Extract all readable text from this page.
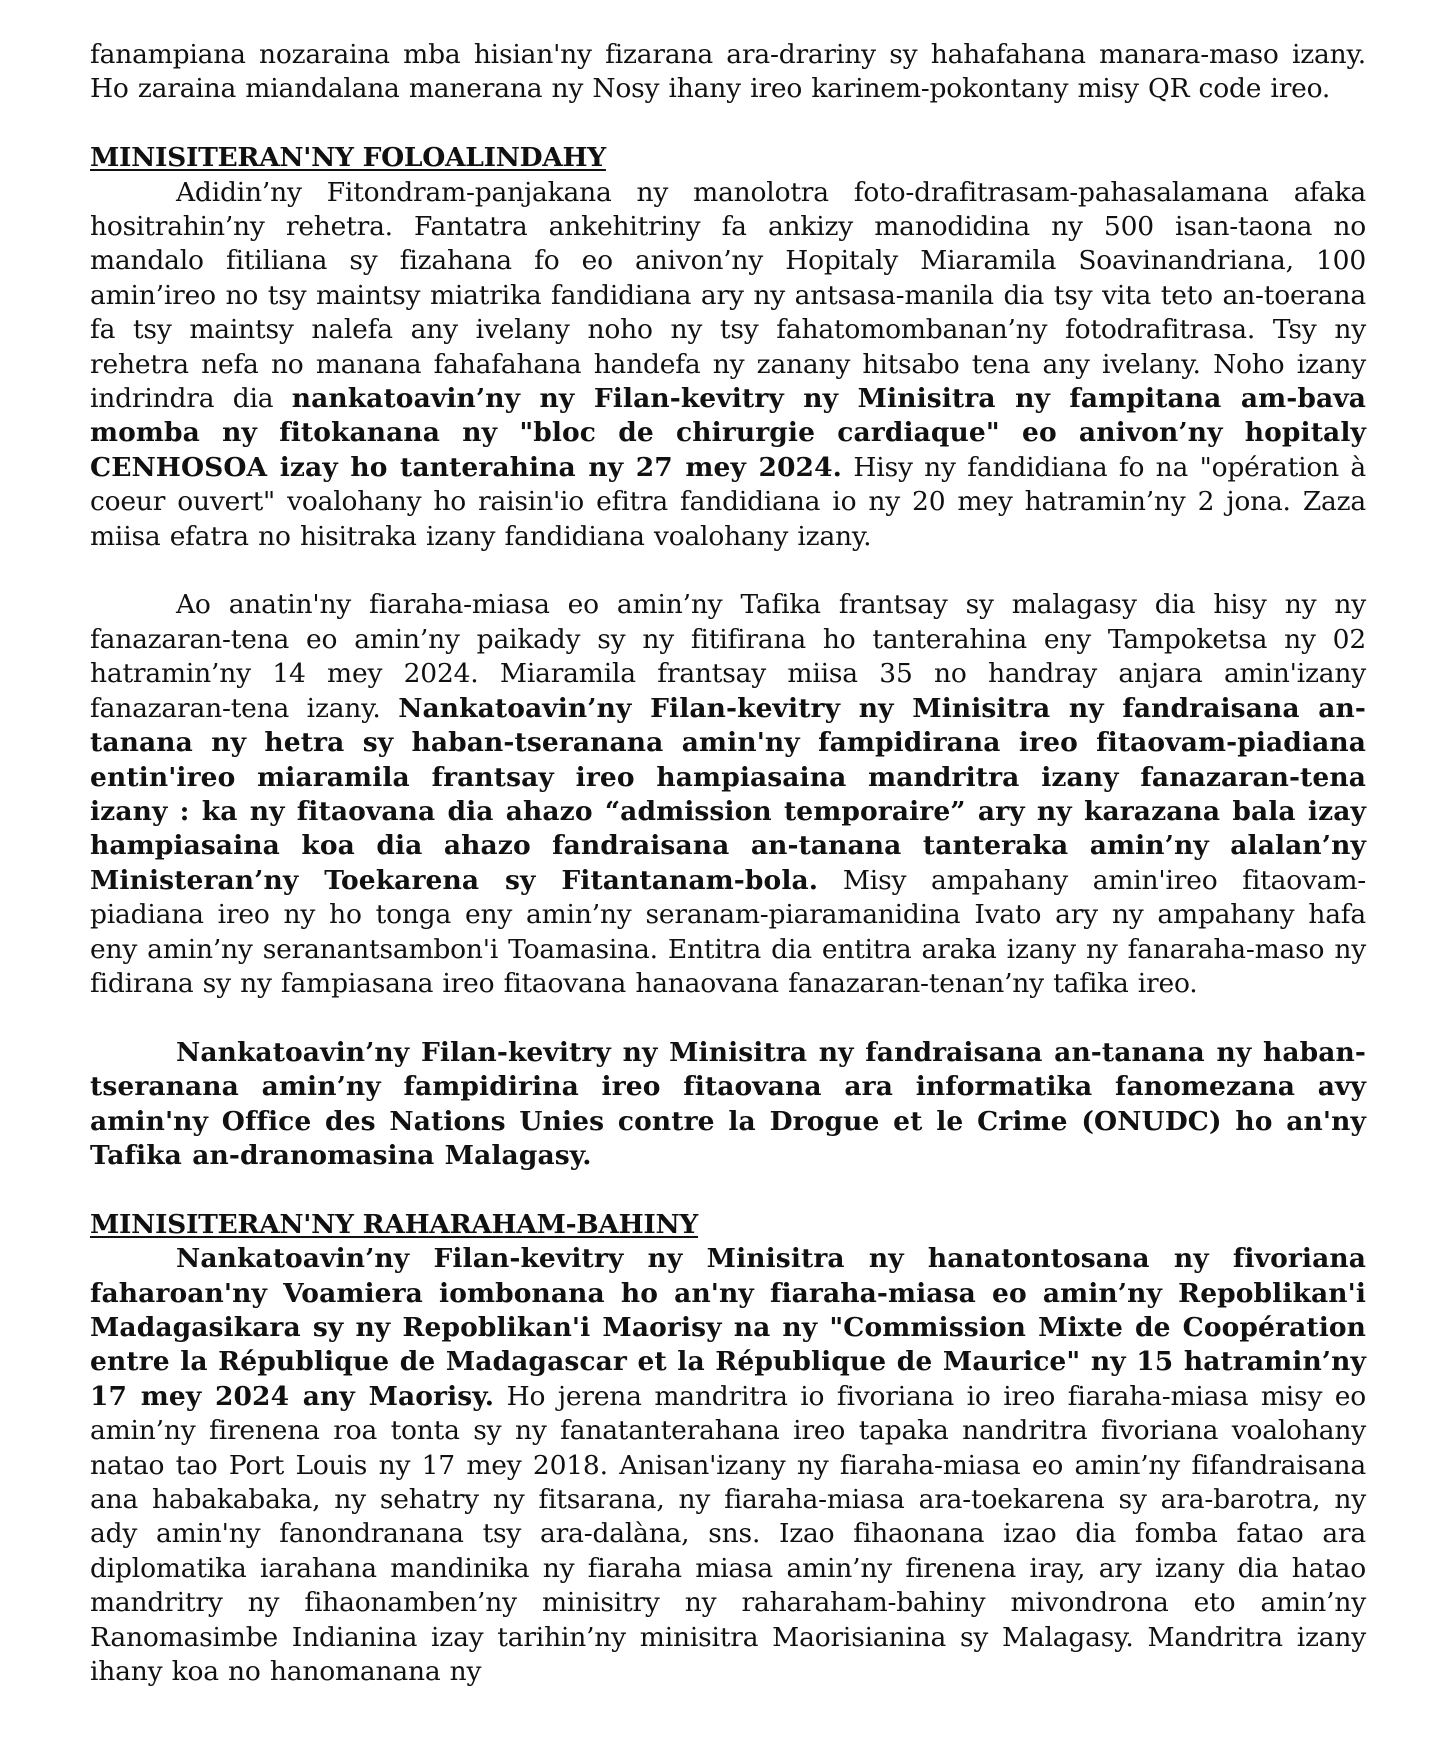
fanampiana nozaraina mba hisian'ny fizarana ara-drariny sy hahafahana manara-maso izany. Ho zaraina miandalana manerana ny Nosy ihany ireo karinem-pokontany misy QR code ireo.

MINISITERAN'NY FOLOALINDAHY

Adidin’ny Fitondram-panjakana ny manolotra foto-drafitrasam-pahasalamana afaka hositrahin’ny rehetra. Fantatra ankehitriny fa ankizy manodidina ny 500 isan-taona no mandalo fitiliana sy fizahana fo eo anivon’ny Hopitaly Miaramila Soavinandriana, 100 amin’ireo no tsy maintsy miatrika fandidiana ary ny antsasa-manila dia tsy vita teto an-toerana fa tsy maintsy nalefa any ivelany noho ny tsy fahatomombanan’ny fotodrafitrasa. Tsy ny rehetra nefa no manana fahafahana handefa ny zanany hitsabo tena any ivelany. Noho izany indrindra dia nankatoavin’ny ny Filan-kevitry ny Minisitra ny fampitana am-bava momba ny fitokanana ny "bloc de chirurgie cardiaque" eo anivon’ny hopitaly CENHOSOA izay ho tanterahina ny 27 mey 2024. Hisy ny fandidiana fo na "opération à coeur ouvert" voalohany ho raisin'io efitra fandidiana io ny 20 mey hatramin’ny 2 jona. Zaza miisa efatra no hisitraka izany fandidiana voalohany izany.

Ao anatin'ny fiaraha-miasa eo amin’ny Tafika frantsay sy malagasy dia hisy ny ny fanazaran-tena eo amin’ny paikady sy ny fitifirana ho tanterahina eny Tampoketsa ny 02 hatramin’ny 14 mey 2024. Miaramila frantsay miisa 35 no handray anjara amin'izany fanazaran-tena izany. Nankatoavin’ny Filan-kevitry ny Minisitra ny fandraisana an-tanana ny hetra sy haban-tseranana amin'ny fampidirana ireo fitaovam-piadiana entin'ireo miaramila frantsay ireo hampiasaina mandritra izany fanazaran-tena izany : ka ny fitaovana dia ahazo “admission temporaire” ary ny karazana bala izay hampiasaina koa dia ahazo fandraisana an-tanana tanteraka amin’ny alalan’ny Ministeran’ny Toekarena sy Fitantanam-bola. Misy ampahany amin'ireo fitaovam-piadiana ireo ny ho tonga eny amin’ny seranam-piaramanidina Ivato ary ny ampahany hafa eny amin’ny seranantsambon'i Toamasina. Entitra dia entitra araka izany ny fanaraha-maso ny fidirana sy ny fampiasana ireo fitaovana hanaovana fanazaran-tenan’ny tafika ireo.

Nankatoavin’ny Filan-kevitry ny Minisitra ny fandraisana an-tanana ny haban-tseranana amin’ny fampidirina ireo fitaovana ara informatika fanomezana avy amin'ny Office des Nations Unies contre la Drogue et le Crime (ONUDC) ho an'ny Tafika an-dranomasina Malagasy.

MINISITERAN'NY RAHARAHAM-BAHINY

Nankatoavin’ny Filan-kevitry ny Minisitra ny hanatontosana ny fivoriana faharoan'ny Voamiera iombonana ho an'ny fiaraha-miasa eo amin’ny Repoblikan'i Madagasikara sy ny Repoblikan'i Maorisy na ny "Commission Mixte de Coopération entre la République de Madagascar et la République de Maurice" ny 15 hatramin’ny 17 mey 2024 any Maorisy. Ho jerena mandritra io fivoriana io ireo fiaraha-miasa misy eo amin’ny firenena roa tonta sy ny fanatanterahana ireo tapaka nandritra fivoriana voalohany natao tao Port Louis ny 17 mey 2018. Anisan'izany ny fiaraha-miasa eo amin’ny fifandraisana ana habakabaka, ny sehatry ny fitsarana, ny fiaraha-miasa ara-toekarena sy ara-barotra, ny ady amin'ny fanondranana tsy ara-dalàna, sns. Izao fihaonana izao dia fomba fatao ara diplomatika iarahana mandinika ny fiaraha miasa amin’ny firenena iray, ary izany dia hatao mandritry ny fihaonamben’ny minisitry ny raharaham-bahiny mivondrona eto amin’ny Ranomasimbe Indianina izay tarihin’ny minisitra Maorisianina sy Malagasy. Mandritra izany ihany koa no hanomanana ny
